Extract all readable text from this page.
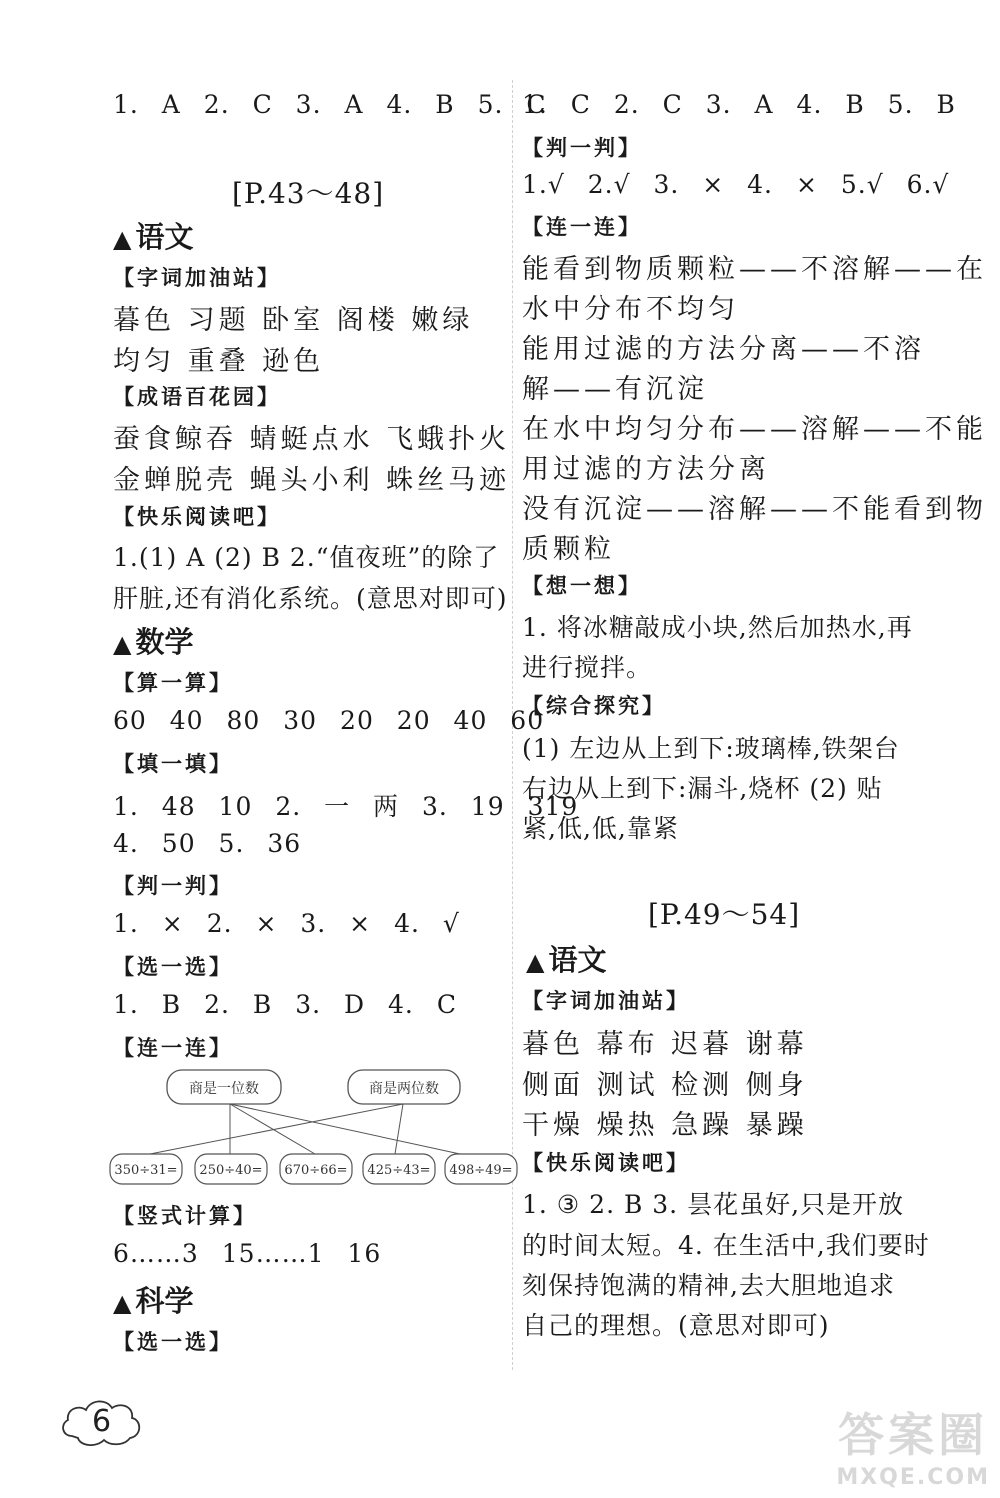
1. A 2. C 3. A 4. B 5. C
[P.43～48]
▲ 语文
【字词加油站】
暮色 习题 卧室 阁楼 嫩绿
均匀 重叠 逊色
【成语百花园】
蚕食鲸吞 蜻蜓点水 飞蛾扑火
金蝉脱壳 蝇头小利 蛛丝马迹
【快乐阅读吧】
1.(1) A (2) B 2.“值夜班”的除了
肝脏,还有消化系统。(意思对即可)
▲ 数学
【算一算】
60 40 80 30 20 20 40 60
【填一填】
1. 48 10 2. 一 两 3. 19 319
4. 50 5. 36
【判一判】
1. × 2. × 3. × 4. √
【选一选】
1. B 2. B 3. D 4. C
【连一连】
商是一位数	商是两位数
350÷31= 250÷40= 670÷66= 425÷43= 498÷49=
【竖式计算】
6……3 15……1 16
▲ 科学
【选一选】
1. C 2. C 3. A 4. B 5. B
【判一判】
1.√ 2.√ 3. × 4. × 5.√ 6.√
【连一连】
能看到物质颗粒——不溶解——在
水中分布不均匀
能用过滤的方法分离——不溶
解——有沉淀
在水中均匀分布——溶解——不能
用过滤的方法分离
没有沉淀——溶解——不能看到物
质颗粒
【想一想】
1. 将冰糖敲成小块,然后加热水,再
进行搅拌。
【综合探究】
(1) 左边从上到下:玻璃棒,铁架台
右边从上到下:漏斗,烧杯 (2) 贴
紧,低,低,靠紧
[P.49～54]
▲ 语文
【字词加油站】
暮色 幕布 迟暮 谢幕
侧面 测试 检测 侧身
干燥 燥热 急躁 暴躁
【快乐阅读吧】
1. ③ 2. B 3. 昙花虽好,只是开放
的时间太短。4. 在生活中,我们要时
刻保持饱满的精神,去大胆地追求
自己的理想。(意思对即可)
6	答案圈
MXQE.COM
